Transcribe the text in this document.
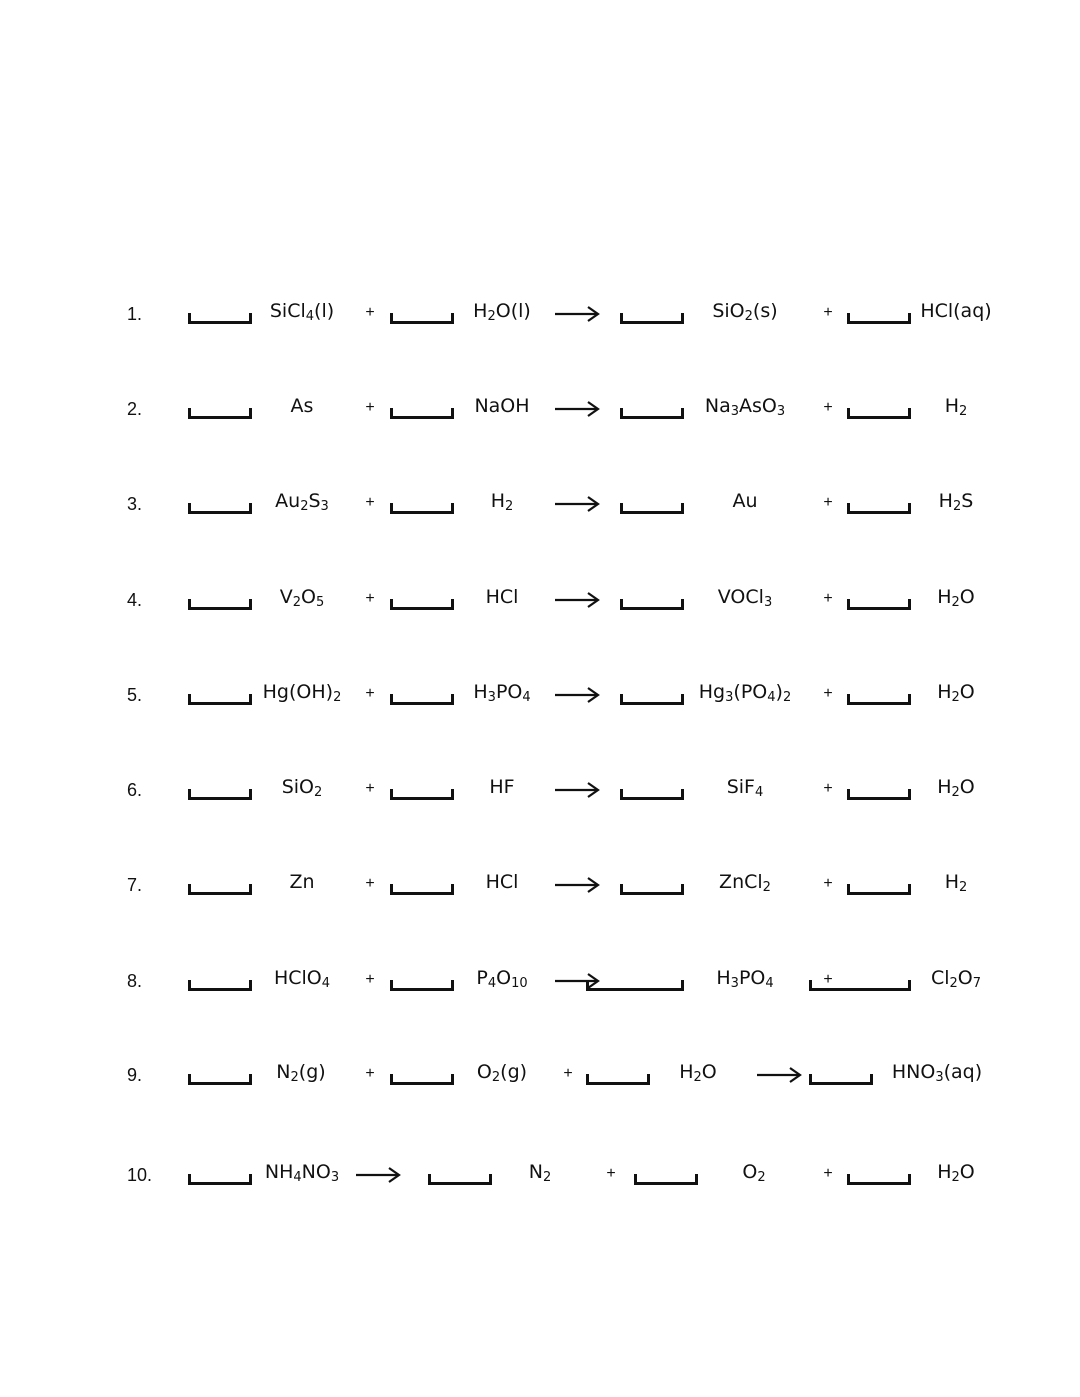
1.	SiCl$_4$(l) +	$H_2O(l)$	SiO$_2$(s)	+	HCl(aq)
2.	As	+	NaOH	$Na_3AsO_3$ +	$H_2$
3.	$Au_2S_3$ +	$H_2$	Au	+	$H_2S$
4.	$V_2O_5$	+	HCl	VOCl$_3$	+	$H_2O$
5.	$Hg(OH)_2$ +	$H_3PO_4$	$Hg_3(PO_4)_2$ +	$H_2O$
6.	SiO$_2$	+	HF	SiF$_4$	+	$H_2O$
7.	Zn	+	HCl	ZnCl$_2$	+	$H_2$
8.	HClO$_4$ +	$P_4O_{10}$	$H_3PO_4$	+	$Cl_2O_7$
9.	$N_2(g)$ +	$O_2(g)$ +	$H_2O$	$HNO_3(aq)$
10.	$NH_4NO_3$ →	$N_2$	+	$O_2$	+	$H_2O$
